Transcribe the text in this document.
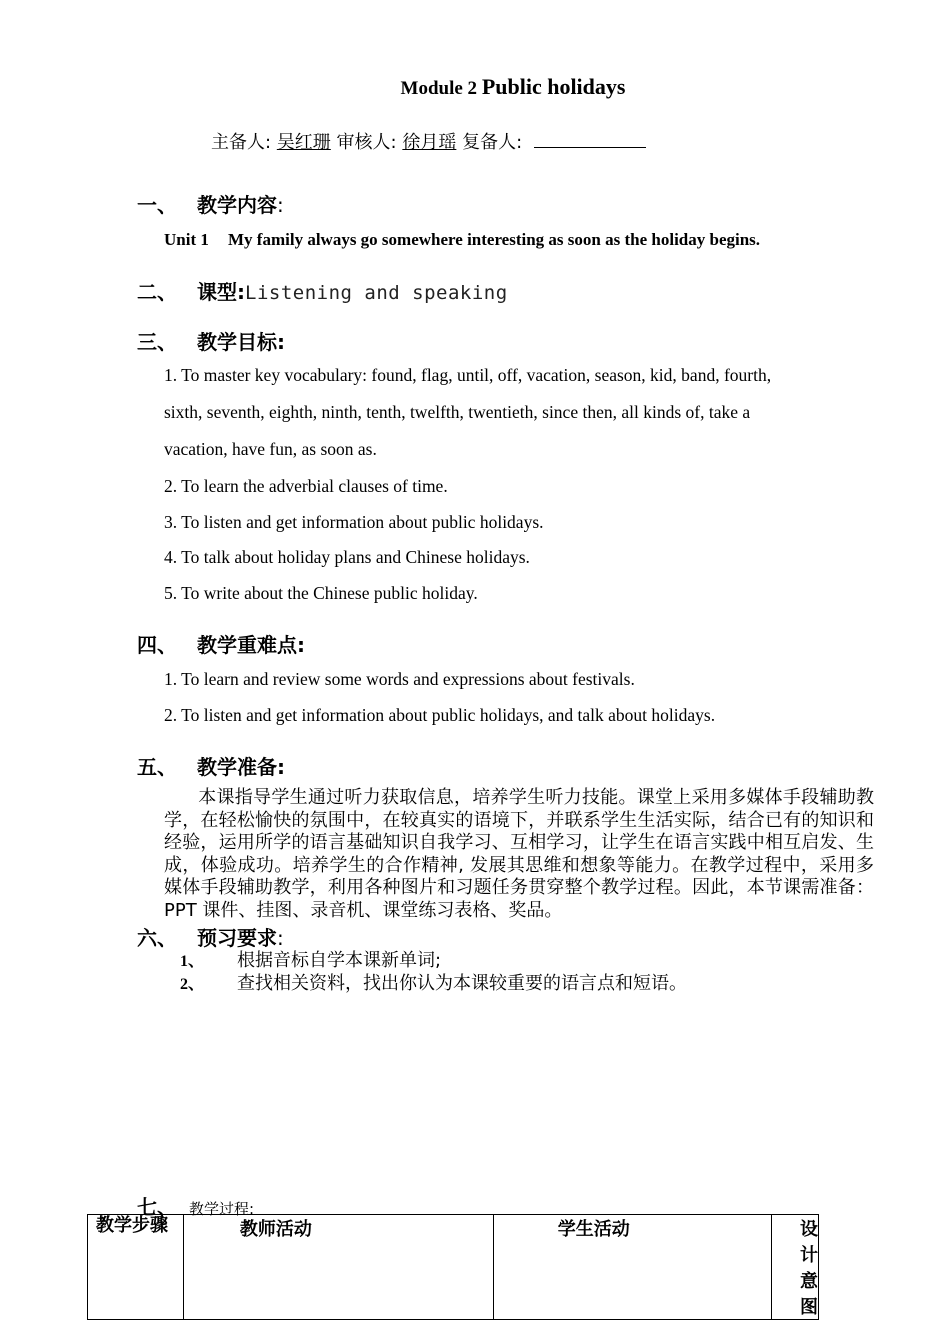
Module 2 Public holidays
主备人: 吴红珊 审核人: 徐月瑶 复备人:
一、 教学内容:
Unit 1 My family always go somewhere interesting as soon as the holiday begins.
二、 课型:Listening and speaking
三、 教学目标:
1. To master key vocabulary: found, flag, until, off, vacation, season, kid, band, fourth,
sixth, seventh, eighth, ninth, tenth, twelfth, twentieth, since then, all kinds of, take a
vacation, have fun, as soon as.
2. To learn the adverbial clauses of time.
3. To listen and get information about public holidays.
4. To talk about holiday plans and Chinese holidays.
5. To write about the Chinese public holiday.
四、 教学重难点:
1. To learn and review some words and expressions about festivals.
2. To listen and get information about public holidays, and talk about holidays.
五、 教学准备:
本课指导学生通过听力获取信息，培养学生听力技能。课堂上采用多媒体手段辅助教学，在轻松愉快的氛围中，在较真实的语境下，并联系学生生活实际，结合已有的知识和经验，运用所学的语言基础知识自我学习、互相学习，让学生在语言实践中相互启发、生成，体验成功。培养学生的合作精神, 发展其思维和想象等能力。在教学过程中，采用多媒体手段辅助教学，利用各种图片和习题任务贯穿整个教学过程。因此，本节课需准备：PPT 课件、挂图、录音机、课堂练习表格、奖品。
六、 预习要求:
1、 根据音标自学本课新单词;
2、 查找相关资料，找出你认为本课较重要的语言点和短语。
七、 教学过程:
教学步骤	教师活动	学生活动	设计意图
